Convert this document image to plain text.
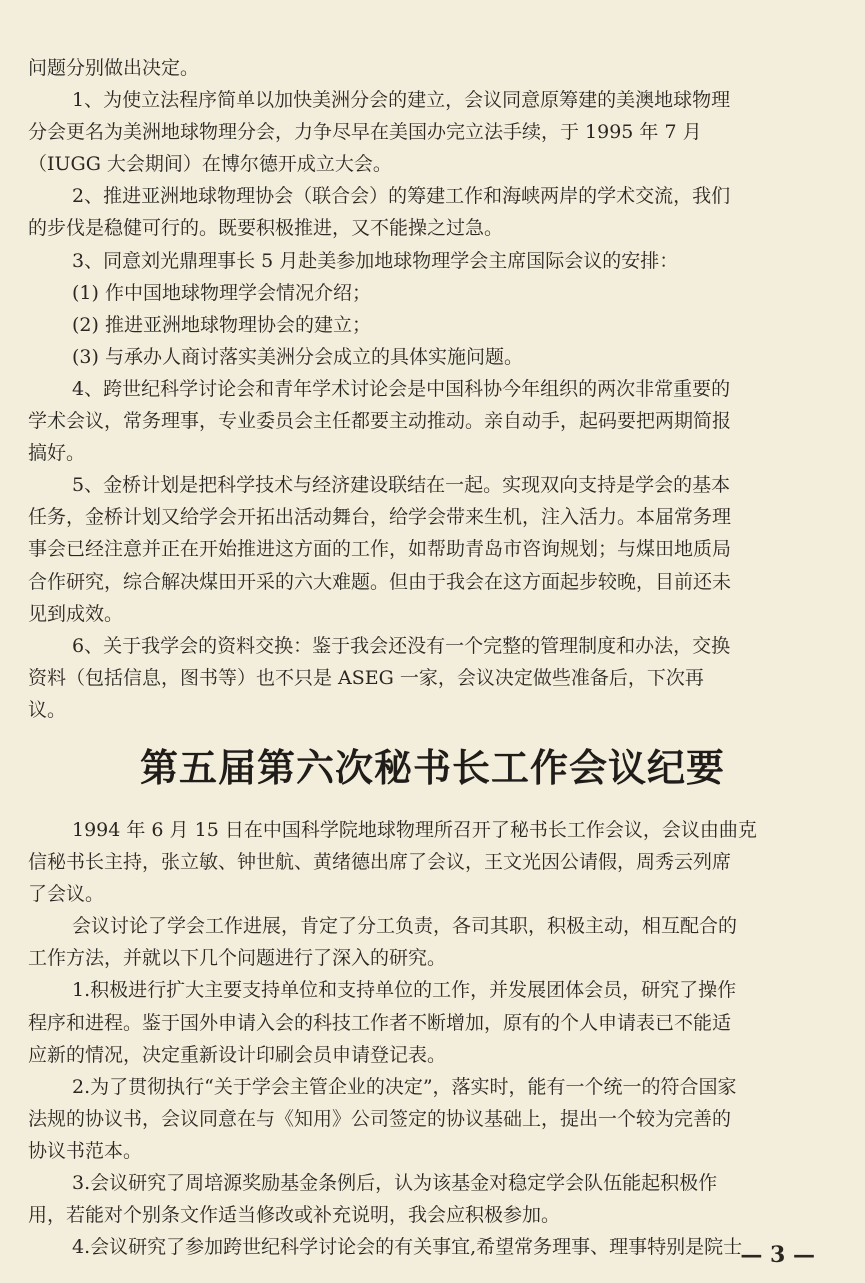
问题分别做出决定。
1、为使立法程序简单以加快美洲分会的建立，会议同意原筹建的美澳地球物理
分会更名为美洲地球物理分会，力争尽早在美国办完立法手续，于 1995 年 7 月
（IUGG 大会期间）在博尔德开成立大会。
2、推进亚洲地球物理协会（联合会）的筹建工作和海峡两岸的学术交流，我们
的步伐是稳健可行的。既要积极推进，又不能操之过急。
3、同意刘光鼎理事长 5 月赴美参加地球物理学会主席国际会议的安排：
(1) 作中国地球物理学会情况介绍；
(2) 推进亚洲地球物理协会的建立；
(3) 与承办人商讨落实美洲分会成立的具体实施问题。
4、跨世纪科学讨论会和青年学术讨论会是中国科协今年组织的两次非常重要的
学术会议，常务理事，专业委员会主任都要主动推动。亲自动手，起码要把两期简报
搞好。
5、金桥计划是把科学技术与经济建设联结在一起。实现双向支持是学会的基本
任务，金桥计划又给学会开拓出活动舞台，给学会带来生机，注入活力。本届常务理
事会已经注意并正在开始推进这方面的工作，如帮助青岛市咨询规划；与煤田地质局
合作研究，综合解决煤田开采的六大难题。但由于我会在这方面起步较晚，目前还未
见到成效。
6、关于我学会的资料交换：鉴于我会还没有一个完整的管理制度和办法，交换
资料（包括信息，图书等）也不只是 ASEG 一家，会议决定做些准备后，下次再
议。
第五届第六次秘书长工作会议纪要
1994 年 6 月 15 日在中国科学院地球物理所召开了秘书长工作会议，会议由曲克
信秘书长主持，张立敏、钟世航、黄绪德出席了会议，王文光因公请假，周秀云列席
了会议。
会议讨论了学会工作进展，肯定了分工负责，各司其职，积极主动，相互配合的
工作方法，并就以下几个问题进行了深入的研究。
1.积极进行扩大主要支持单位和支持单位的工作，并发展团体会员，研究了操作
程序和进程。鉴于国外申请入会的科技工作者不断增加，原有的个人申请表已不能适
应新的情况，决定重新设计印刷会员申请登记表。
2.为了贯彻执行“关于学会主管企业的决定”，落实时，能有一个统一的符合国家
法规的协议书，会议同意在与《知用》公司签定的协议基础上，提出一个较为完善的
协议书范本。
3.会议研究了周培源奖励基金条例后，认为该基金对稳定学会队伍能起积极作
用，若能对个别条文作适当修改或补充说明，我会应积极参加。
4.会议研究了参加跨世纪科学讨论会的有关事宜,希望常务理事、理事特别是院士
— 3 —
